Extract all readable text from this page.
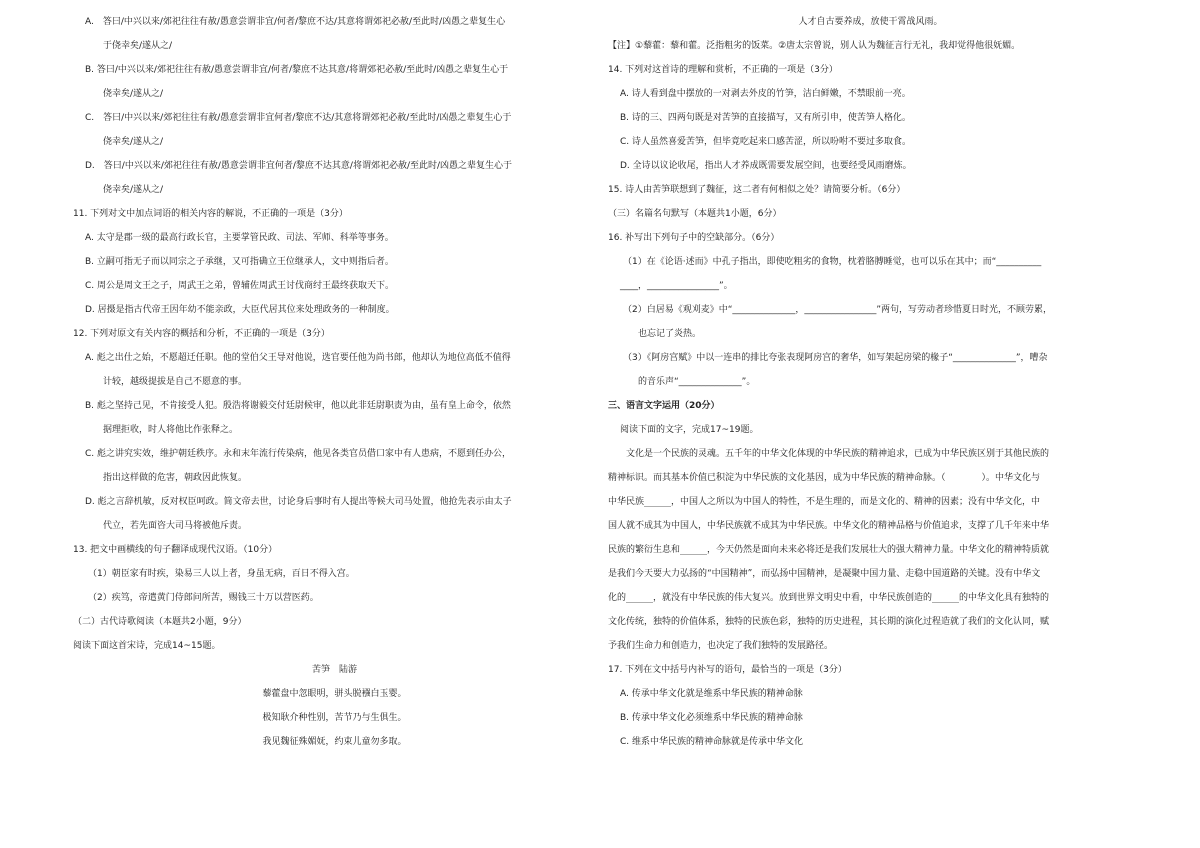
A.　答曰/中兴以来/郊祀往往有赦/愚意尝谓非宜/何者/黎庶不达/其意将谓郊祀必赦/至此时/凶愚之辈复生心
于侥幸矣/遂从之/
B. 答曰/中兴以来/郊祀往往有赦/愚意尝谓非宜/何者/黎庶不达其意/将谓郊祀必赦/至此时/凶愚之辈复生心于
侥幸矣/遂从之/
C.　答曰/中兴以来/郊祀往往有赦/愚意尝谓非宜何者/黎庶不达/其意将谓郊祀必赦/至此时/凶愚之辈复生心于
侥幸矣/遂从之/
D.　答曰/中兴以来/郊祀往往有赦/愚意尝谓非宜何者/黎庶不达其意/将谓郊祀必赦/至此时/凶愚之辈复生心于
侥幸矣/遂从之/
11. 下列对文中加点词语的相关内容的解说，不正确的一项是（3分）
A. 太守是郡一级的最高行政长官，主要掌管民政、司法、军师、科举等事务。
B. 立嗣可指无子而以同宗之子承继，又可指确立王位继承人，文中则指后者。
C. 周公是周文王之子，周武王之弟，曾辅佐周武王讨伐商纣王最终获取天下。
D. 居摄是指古代帝王因年幼不能亲政，大臣代居其位来处理政务的一种制度。
12. 下列对原文有关内容的概括和分析，不正确的一项是（3分）
A. 彪之出仕之始，不愿超迁任职。他的堂伯父王导对他说，选官要任他为尚书郎，他却认为地位高低不值得
计较，越级提拔是自己不愿意的事。
B. 彪之坚持己见，不肯接受人犯。殷浩将谢毅交付廷尉候审，他以此非廷尉职责为由，虽有皇上命令，依然
据理拒收，时人将他比作张释之。
C. 彪之讲究实效，维护朝廷秩序。永和末年流行传染病，他见各类官员借口家中有人患病，不愿到任办公，
指出这样做的危害，朝政因此恢复。
D. 彪之言辞机敏，反对权臣呵政。简文帝去世，讨论身后事时有人提出等候大司马处置，他抢先表示由太子
代立，若先面咨大司马将被他斥责。
13. 把文中画横线的句子翻译成现代汉语。（10分）
（1）朝臣家有时疾，染易三人以上者，身虽无病，百日不得入宫。
（2）疾笃，帝遣黄门侍郎问所苦，赐钱三十万以营医药。
（二）古代诗歌阅读（本题共2小题，9分）
阅读下面这首宋诗，完成14~15题。
苦笋　陆游
藜藿盘中忽眼明，骈头脱襁白玉婴。
极知耿介种性别，苦节乃与生俱生。
我见魏征殊媚妩，约束儿童勿多取。
人才自古要养成，放使干霄战风雨。
【注】①藜藿：藜和藿。泛指粗劣的饭菜。②唐太宗曾说，别人认为魏征言行无礼，我却觉得他很妩媚。
14. 下列对这首诗的理解和赏析，不正确的一项是（3分）
A. 诗人看到盘中摆放的一对剥去外皮的竹笋，洁白鲜嫩，不禁眼前一亮。
B. 诗的三、四两句既是对苦笋的直接描写，又有所引申，使苦笋人格化。
C. 诗人虽然喜爱苦笋，但毕竟吃起来口感苦涩，所以吩咐不要过多取食。
D. 全诗以议论收尾，指出人才养成既需要发展空间，也要经受风雨磨炼。
15. 诗人由苦笋联想到了魏征，这二者有何相似之处？请简要分析。（6分）
（三）名篇名句默写（本题共1小题，6分）
16. 补写出下列句子中的空缺部分。（6分）
（1）在《论语·述而》中孔子指出，即使吃粗劣的食物，枕着胳膊睡觉，也可以乐在其中；而“__________
____，________________”。
（2）白居易《观刈麦》中“______________，________________”两句，写劳动者珍惜夏日时光，不顾劳累，
也忘记了炎热。
（3）《阿房宫赋》中以一连串的排比夸张表现阿房宫的奢华，如写架起房梁的椽子“______________”，嘈杂
的音乐声“______________”。
三、语言文字运用（20分）
阅读下面的文字，完成17~19题。
　　文化是一个民族的灵魂。五千年的中华文化体现的中华民族的精神追求，已成为中华民族区别于其他民族的
精神标识。而其基本价值已积淀为中华民族的文化基因，成为中华民族的精神命脉。（　　　　）。中华文化与
中华民族______，中国人之所以为中国人的特性，不是生理的，而是文化的、精神的因素；没有中华文化，中
国人就不成其为中国人，中华民族就不成其为中华民族。中华文化的精神品格与价值追求，支撑了几千年来中华
民族的繁衍生息和______，今天仍然是面向未来必将还是我们发展壮大的强大精神力量。中华文化的精神特质就
是我们今天要大力弘扬的“中国精神”，而弘扬中国精神，是凝聚中国力量、走稳中国道路的关键。没有中华文
化的______，就没有中华民族的伟大复兴。放到世界文明史中看，中华民族创造的______的中华文化具有独特的
文化传统，独特的价值体系，独特的民族色彩，独特的历史进程，其长期的演化过程造就了我们的文化认同，赋
予我们生命力和创造力，也决定了我们独特的发展路径。
17. 下列在文中括号内补写的语句，最恰当的一项是（3分）
A. 传承中华文化就是维系中华民族的精神命脉
B. 传承中华文化必须维系中华民族的精神命脉
C. 维系中华民族的精神命脉就是传承中华文化
